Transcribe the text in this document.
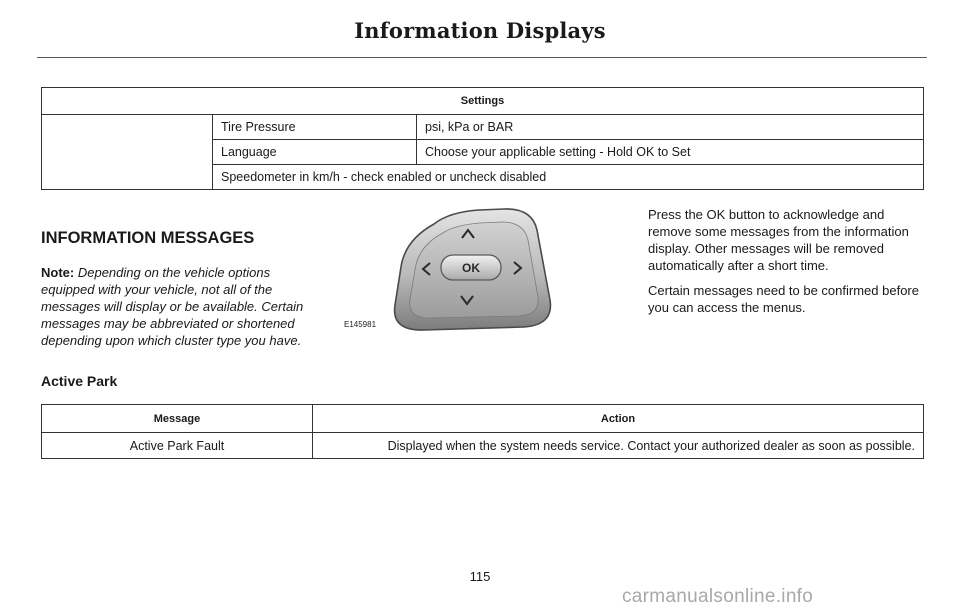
Information Displays
Settings		
	Tire Pressure	psi, kPa or BAR
	Language	Choose your applicable setting - Hold OK to Set
	Speedometer in km/h - check enabled or uncheck disabled	
INFORMATION MESSAGES

Note: Depending on the vehicle options equipped with your vehicle, not all of the messages will display or be available. Certain messages may be abbreviated or shortened depending upon which cluster type you have.

OK
E145981

Press the OK button to acknowledge and remove some messages from the information display. Other messages will be removed automatically after a short time.

Certain messages need to be confirmed before you can access the menus.

Active Park
Message	Action
Active Park Fault	Displayed when the system needs service. Contact your authorized dealer as soon as possible.
115
carmanualsonline.info
